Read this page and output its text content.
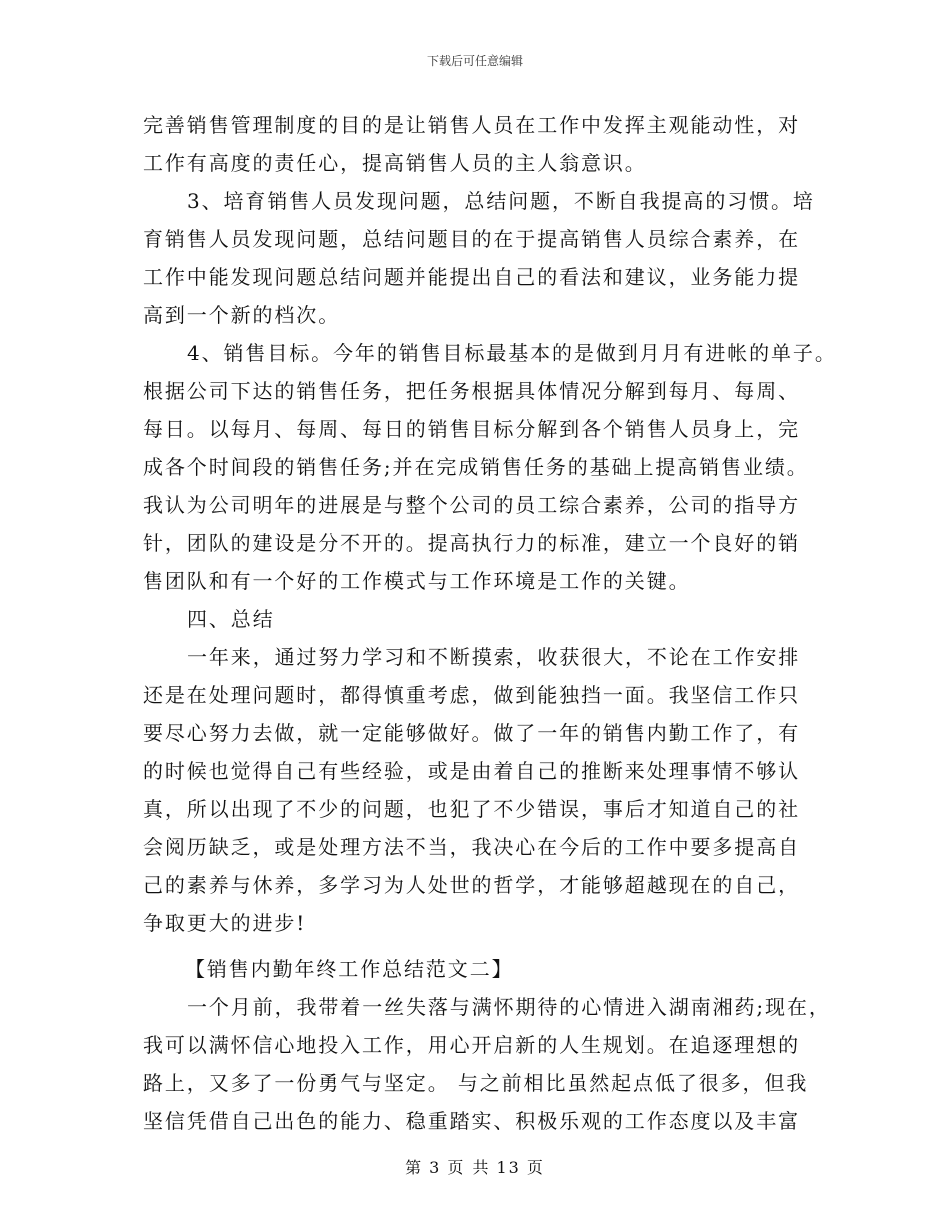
下载后可任意编辑
完善销售管理制度的目的是让销售人员在工作中发挥主观能动性，对
工作有高度的责任心，提高销售人员的主人翁意识。
3、培育销售人员发现问题，总结问题，不断自我提高的习惯。培
育销售人员发现问题，总结问题目的在于提高销售人员综合素养，在
工作中能发现问题总结问题并能提出自己的看法和建议，业务能力提
高到一个新的档次。
4、销售目标。今年的销售目标最基本的是做到月月有进帐的单子。
根据公司下达的销售任务，把任务根据具体情况分解到每月、每周、
每日。以每月、每周、每日的销售目标分解到各个销售人员身上，完
成各个时间段的销售任务;并在完成销售任务的基础上提高销售业绩。
我认为公司明年的进展是与整个公司的员工综合素养，公司的指导方
针，团队的建设是分不开的。提高执行力的标准，建立一个良好的销
售团队和有一个好的工作模式与工作环境是工作的关键。
四、总结
一年来，通过努力学习和不断摸索，收获很大，不论在工作安排
还是在处理问题时，都得慎重考虑，做到能独挡一面。我坚信工作只
要尽心努力去做，就一定能够做好。做了一年的销售内勤工作了，有
的时候也觉得自己有些经验，或是由着自己的推断来处理事情不够认
真，所以出现了不少的问题，也犯了不少错误，事后才知道自己的社
会阅历缺乏，或是处理方法不当，我决心在今后的工作中要多提高自
己的素养与休养，多学习为人处世的哲学，才能够超越现在的自己，
争取更大的进步!
【销售内勤年终工作总结范文二】
一个月前，我带着一丝失落与满怀期待的心情进入湖南湘药;现在，
我可以满怀信心地投入工作，用心开启新的人生规划。在追逐理想的
路上，又多了一份勇气与坚定。 与之前相比虽然起点低了很多，但我
坚信凭借自己出色的能力、稳重踏实、积极乐观的工作态度以及丰富
第 3 页 共 13 页
